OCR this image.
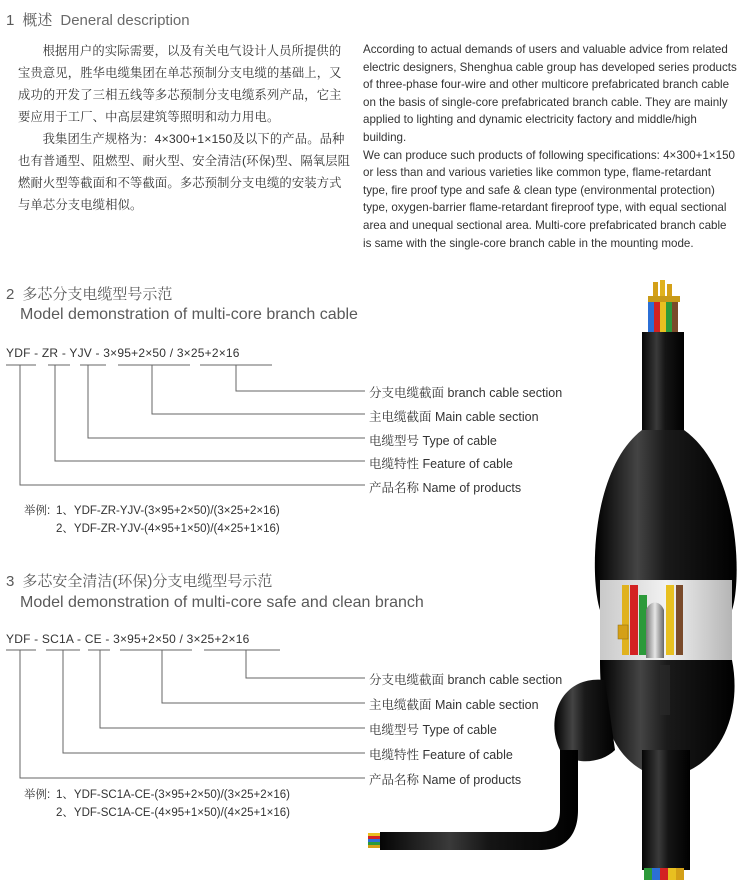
1 概述 Deneral description

根据用户的实际需要，以及有关电气设计人员所提供的宝贵意见，胜华电缆集团在单芯预制分支电缆的基础上，又成功的开发了三相五线等多芯预制分支电缆系列产品，它主要应用于工厂、中高层建筑等照明和动力用电。

我集团生产规格为：4×300+1×150及以下的产品。品种也有普通型、阻燃型、耐火型、安全清洁(环保)型、隔氧层阻燃耐火型等截面和不等截面。多芯预制分支电缆的安装方式与单芯分支电缆相似。

According to actual demands of users and valuable advice from related electric designers, Shenghua cable group has developed series products of three-phase four-wire and other multicore prefabricated branch cable on the basis of single-core prefabricated branch cable. They are mainly applied to lighting and dynamic electricity factory and middle/high building.

We can produce such products of following specifications: 4×300+1×150 or less than and various varieties like common type, flame-retardant type, fire proof type and safe & clean type (environmental protection) type, oxygen-barrier flame-retardant fireproof type, with equal sectional area and unequal sectional area. Multi-core prefabricated branch cable is same with the single-core branch cable in the mounting mode.

2 多芯分支电缆型号示范
Model demonstration of multi-core branch cable
YDF - ZR - YJV - 3×95+2×50 / 3×25+2×16
分支电缆截面 branch cable section
主电缆截面 Main cable section
电缆型号 Type of cable
电缆特性 Feature of cable
产品名称 Name of products
举例: 1、YDF-ZR-YJV-(3×95+2×50)/(3×25+2×16)
2、YDF-ZR-YJV-(4×95+1×50)/(4×25+1×16)
3 多芯安全清洁(环保)分支电缆型号示范
Model demonstration of multi-core safe and clean branch
YDF - SC1A - CE - 3×95+2×50 / 3×25+2×16
分支电缆截面 branch cable section
主电缆截面 Main cable section
电缆型号 Type of cable
电缆特性 Feature of cable
产品名称 Name of products
举例: 1、YDF-SC1A-CE-(3×95+2×50)/(3×25+2×16)
2、YDF-SC1A-CE-(4×95+1×50)/(4×25+1×16)
